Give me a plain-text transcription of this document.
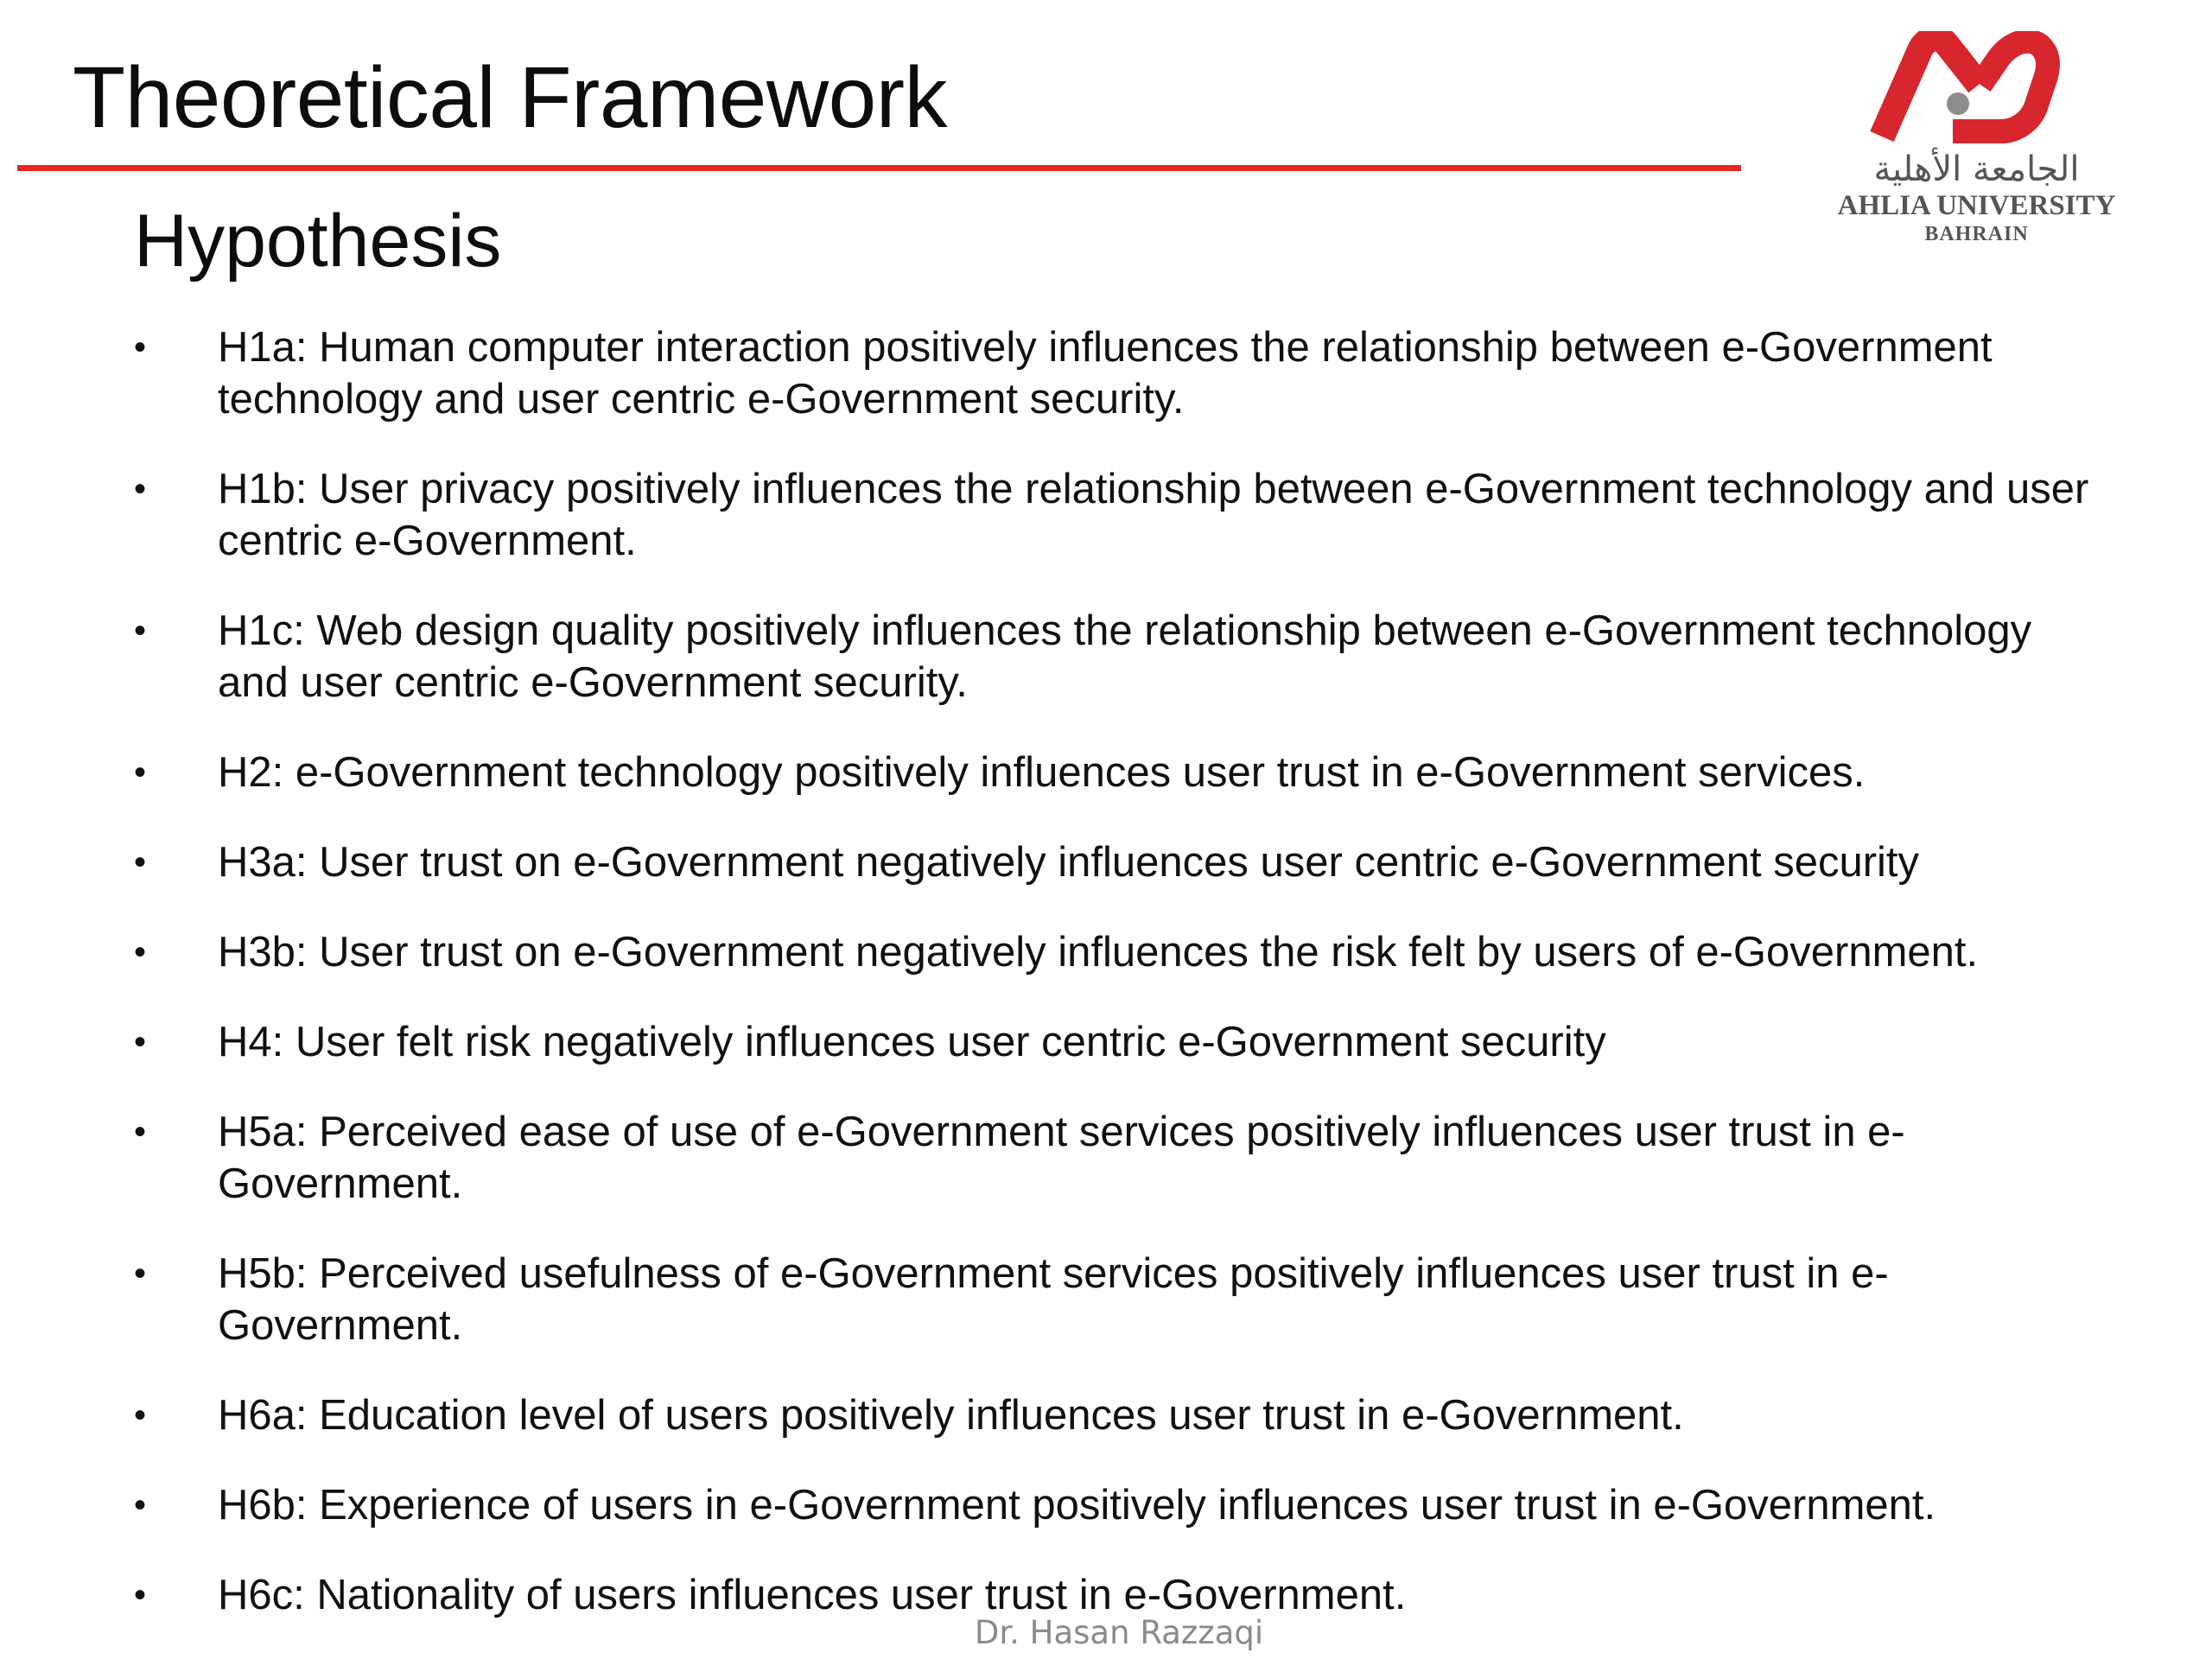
Theoretical Framework
الجامعة الأهلية
AHLIA UNIVERSITY
BAHRAIN
Hypothesis
• H1a: Human computer interaction positively influences the relationship between e-Government technology and user centric e-Government security.
• H1b: User privacy positively influences the relationship between e-Government technology and user centric e-Government.
• H1c: Web design quality positively influences the relationship between e-Government technology and user centric e-Government security.
• H2: e-Government technology positively influences user trust in e-Government services.
• H3a: User trust on e-Government negatively influences user centric e-Government security
• H3b: User trust on e-Government negatively influences the risk felt by users of e-Government.
• H4: User felt risk negatively influences user centric e-Government security
• H5a: Perceived ease of use of e-Government services positively influences user trust in e-Government.
• H5b: Perceived usefulness of e-Government services positively influences user trust in e-Government.
• H6a: Education level of users positively influences user trust in e-Government.
• H6b: Experience of users in e-Government positively influences user trust in e-Government.
• H6c: Nationality of users influences user trust in e-Government.
Dr. Hasan Razzaqi
